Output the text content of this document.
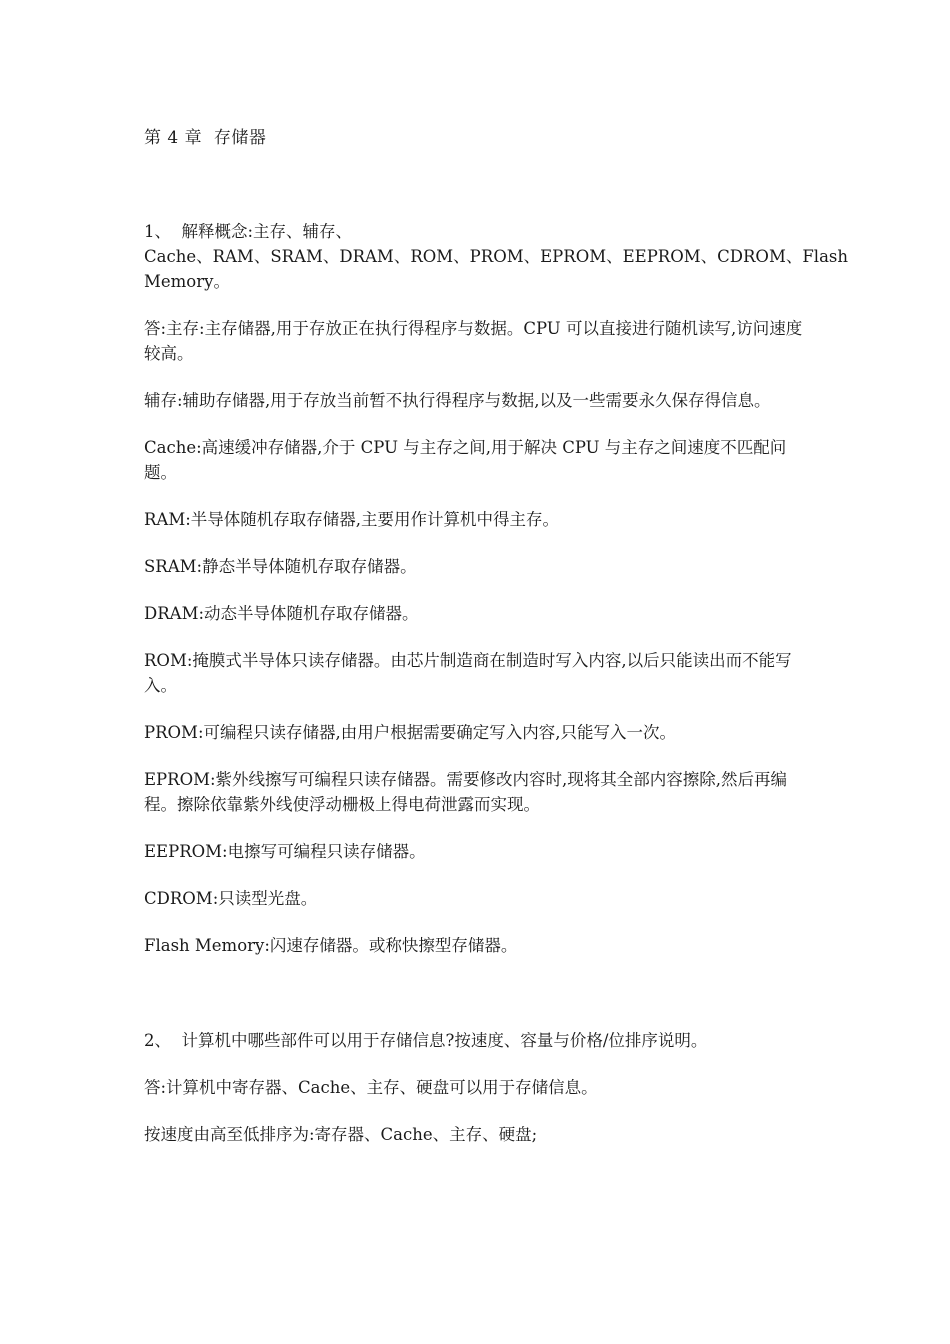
第 4 章  存储器
1、  解释概念:主存、辅存、
Cache、RAM、SRAM、DRAM、ROM、PROM、EPROM、EEPROM、CDROM、Flash
Memory。

答:主存:主存储器,用于存放正在执行得程序与数据。CPU 可以直接进行随机读写,访问速度较高。

辅存:辅助存储器,用于存放当前暂不执行得程序与数据,以及一些需要永久保存得信息。

Cache:高速缓冲存储器,介于 CPU 与主存之间,用于解决 CPU 与主存之间速度不匹配问题。

RAM:半导体随机存取存储器,主要用作计算机中得主存。

SRAM:静态半导体随机存取存储器。

DRAM:动态半导体随机存取存储器。

ROM:掩膜式半导体只读存储器。由芯片制造商在制造时写入内容,以后只能读出而不能写入。

PROM:可编程只读存储器,由用户根据需要确定写入内容,只能写入一次。

EPROM:紫外线擦写可编程只读存储器。需要修改内容时,现将其全部内容擦除,然后再编程。擦除依靠紫外线使浮动栅极上得电荷泄露而实现。

EEPROM:电擦写可编程只读存储器。

CDROM:只读型光盘。

Flash Memory:闪速存储器。或称快擦型存储器。

2、  计算机中哪些部件可以用于存储信息?按速度、容量与价格/位排序说明。

答:计算机中寄存器、Cache、主存、硬盘可以用于存储信息。

按速度由高至低排序为:寄存器、Cache、主存、硬盘;
